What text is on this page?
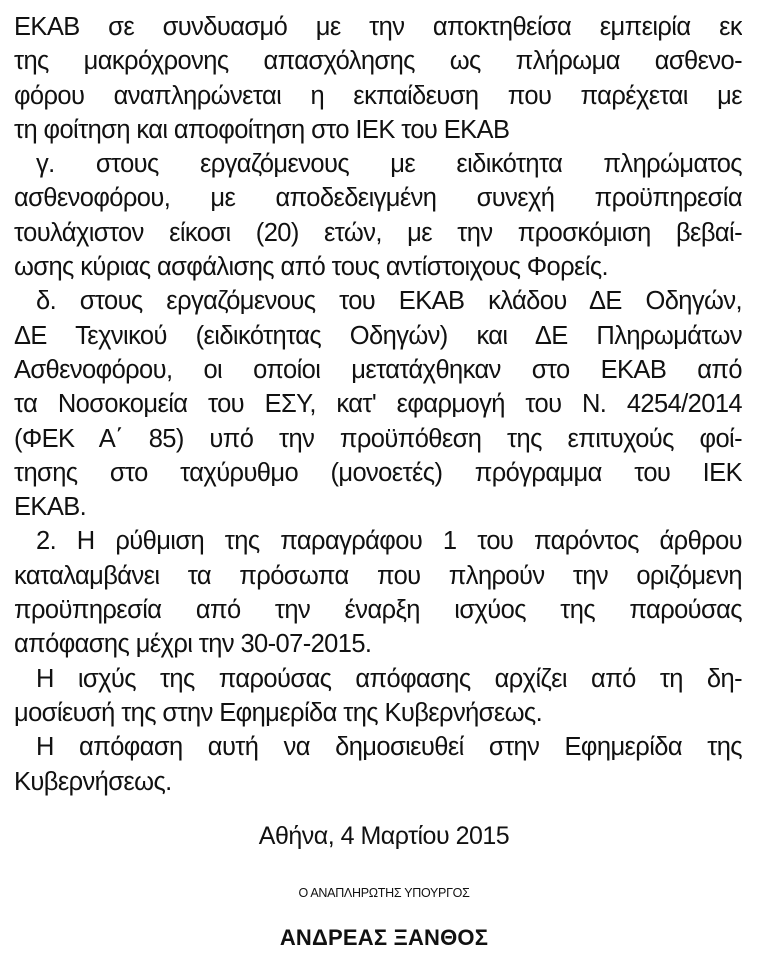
ΕΚΑΒ σε συνδυασμό με την αποκτηθείσα εμπειρία εκ
της μακρόχρονης απασχόλησης ως πλήρωμα ασθενο-
φόρου αναπληρώνεται η εκπαίδευση που παρέχεται με
τη φοίτηση και αποφοίτηση στο ΙΕΚ του ΕΚΑΒ
γ. στους εργαζόμενους με ειδικότητα πληρώματος
ασθενοφόρου, με αποδεδειγμένη συνεχή προϋπηρεσία
τουλάχιστον είκοσι (20) ετών, με την προσκόμιση βεβαί-
ωσης κύριας ασφάλισης από τους αντίστοιχους Φορείς.
δ. στους εργαζόμενους του ΕΚΑΒ κλάδου ΔΕ Οδηγών,
ΔΕ Τεχνικού (ειδικότητας Οδηγών) και ΔΕ Πληρωμάτων
Ασθενοφόρου, οι οποίοι μετατάχθηκαν στο ΕΚΑΒ από
τα Νοσοκομεία του ΕΣΥ, κατ' εφαρμογή του Ν. 4254/2014
(ΦΕΚ Α΄ 85) υπό την προϋπόθεση της επιτυχούς φοί-
τησης στο ταχύρυθμο (μονοετές) πρόγραμμα του ΙΕΚ
ΕΚΑΒ.
2. Η ρύθμιση της παραγράφου 1 του παρόντος άρθρου
καταλαμβάνει τα πρόσωπα που πληρούν την οριζόμενη
προϋπηρεσία από την έναρξη ισχύος της παρούσας
απόφασης μέχρι την 30-07-2015.
Η ισχύς της παρούσας απόφασης αρχίζει από τη δη-
μοσίευσή της στην Εφημερίδα της Κυβερνήσεως.
Η απόφαση αυτή να δημοσιευθεί στην Εφημερίδα της
Κυβερνήσεως.
Αθήνα, 4 Μαρτίου 2015
Ο ΑΝΑΠΛΗΡΩΤΗΣ ΥΠΟΥΡΓΟΣ
ΑΝΔΡΕΑΣ ΞΑΝΘΟΣ
